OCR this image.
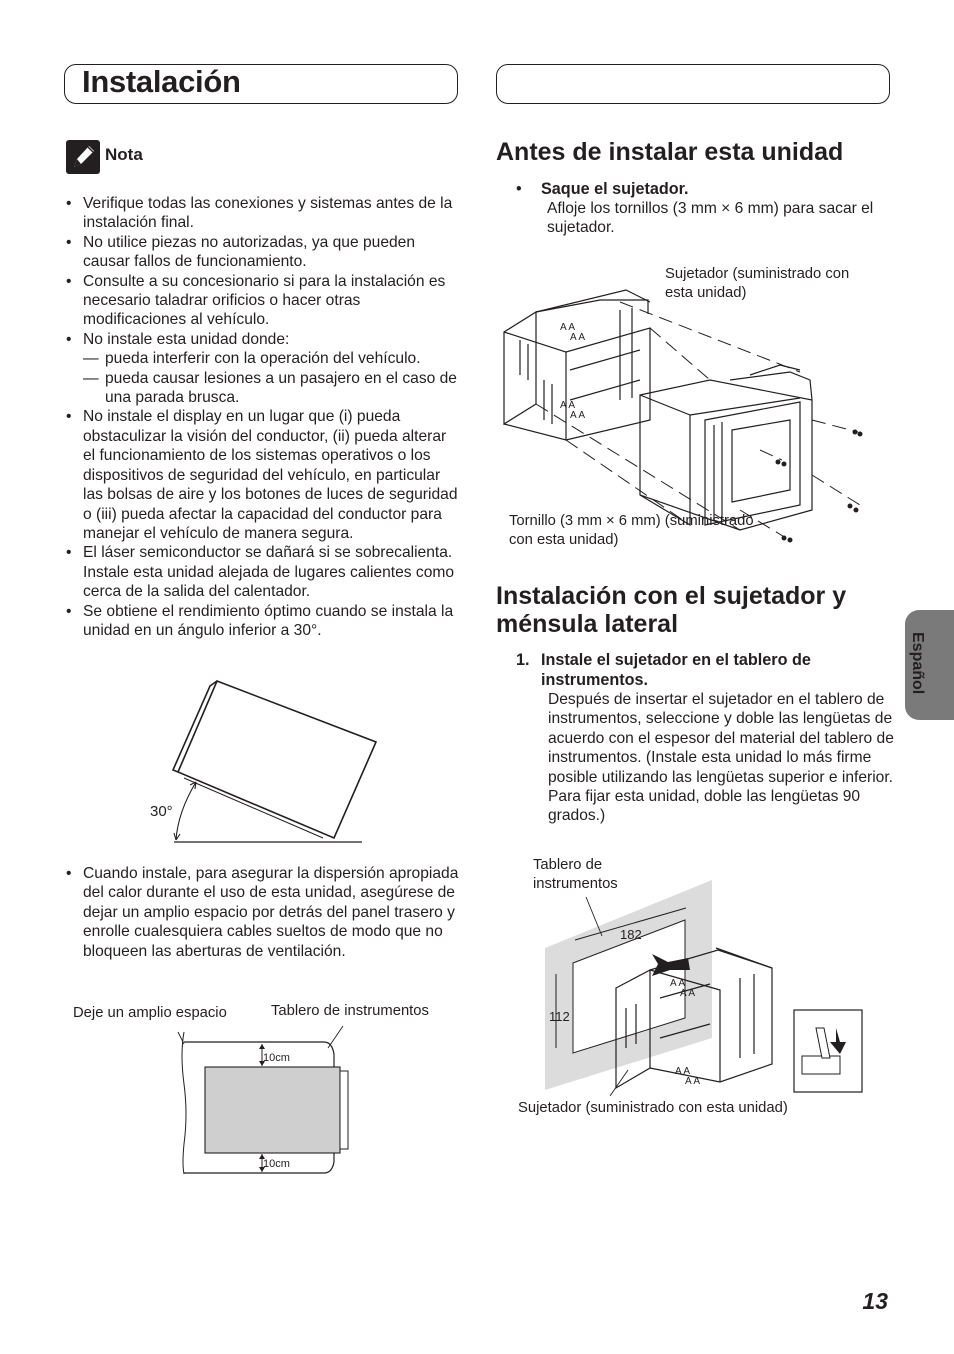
Instalación
Nota
• Verifique todas las conexiones y sistemas antes de la instalación final.
• No utilice piezas no autorizadas, ya que pueden causar fallos de funcionamiento.
• Consulte a su concesionario si para la instalación es necesario taladrar orificios o hacer otras modificaciones al vehículo.
• No instale esta unidad donde:
— pueda interferir con la operación del vehículo.
— pueda causar lesiones a un pasajero en el caso de una parada brusca.
• No instale el display en un lugar que (i) pueda obstaculizar la visión del conductor, (ii) pueda alterar el funcionamiento de los sistemas operativos o los dispositivos de seguridad del vehículo, en particular las bolsas de aire y los botones de luces de seguridad o (iii) pueda afectar la capacidad del conductor para manejar el vehículo de manera segura.
• El láser semiconductor se dañará si se sobrecalienta. Instale esta unidad alejada de lugares calientes como cerca de la salida del calentador.
• Se obtiene el rendimiento óptimo cuando se instala la unidad en un ángulo inferior a 30°.
30°
• Cuando instale, para asegurar la dispersión apropiada del calor durante el uso de esta unidad, asegúrese de dejar un amplio espacio por detrás del panel trasero y enrolle cualesquiera cables sueltos de modo que no bloqueen las aberturas de ventilación.
Deje un amplio espacio	Tablero de instrumentos
10cm
10cm
Antes de instalar esta unidad
• Saque el sujetador.
Afloje los tornillos (3 mm × 6 mm) para sacar el sujetador.
Sujetador (suministrado con esta unidad)
A A
A A
A A
A A
Tornillo (3 mm × 6 mm) (suministrado con esta unidad)
Instalación con el sujetador y ménsula lateral
1. Instale el sujetador en el tablero de instrumentos.
Después de insertar el sujetador en el tablero de instrumentos, seleccione y doble las lengüetas de acuerdo con el espesor del material del tablero de instrumentos. (Instale esta unidad lo más firme posible utilizando las lengüetas superior e inferior. Para fijar esta unidad, doble las lengüetas 90 grados.)
Tablero de instrumentos
182
112
A A
A A
A A
A A
Sujetador (suministrado con esta unidad)
Español
13
